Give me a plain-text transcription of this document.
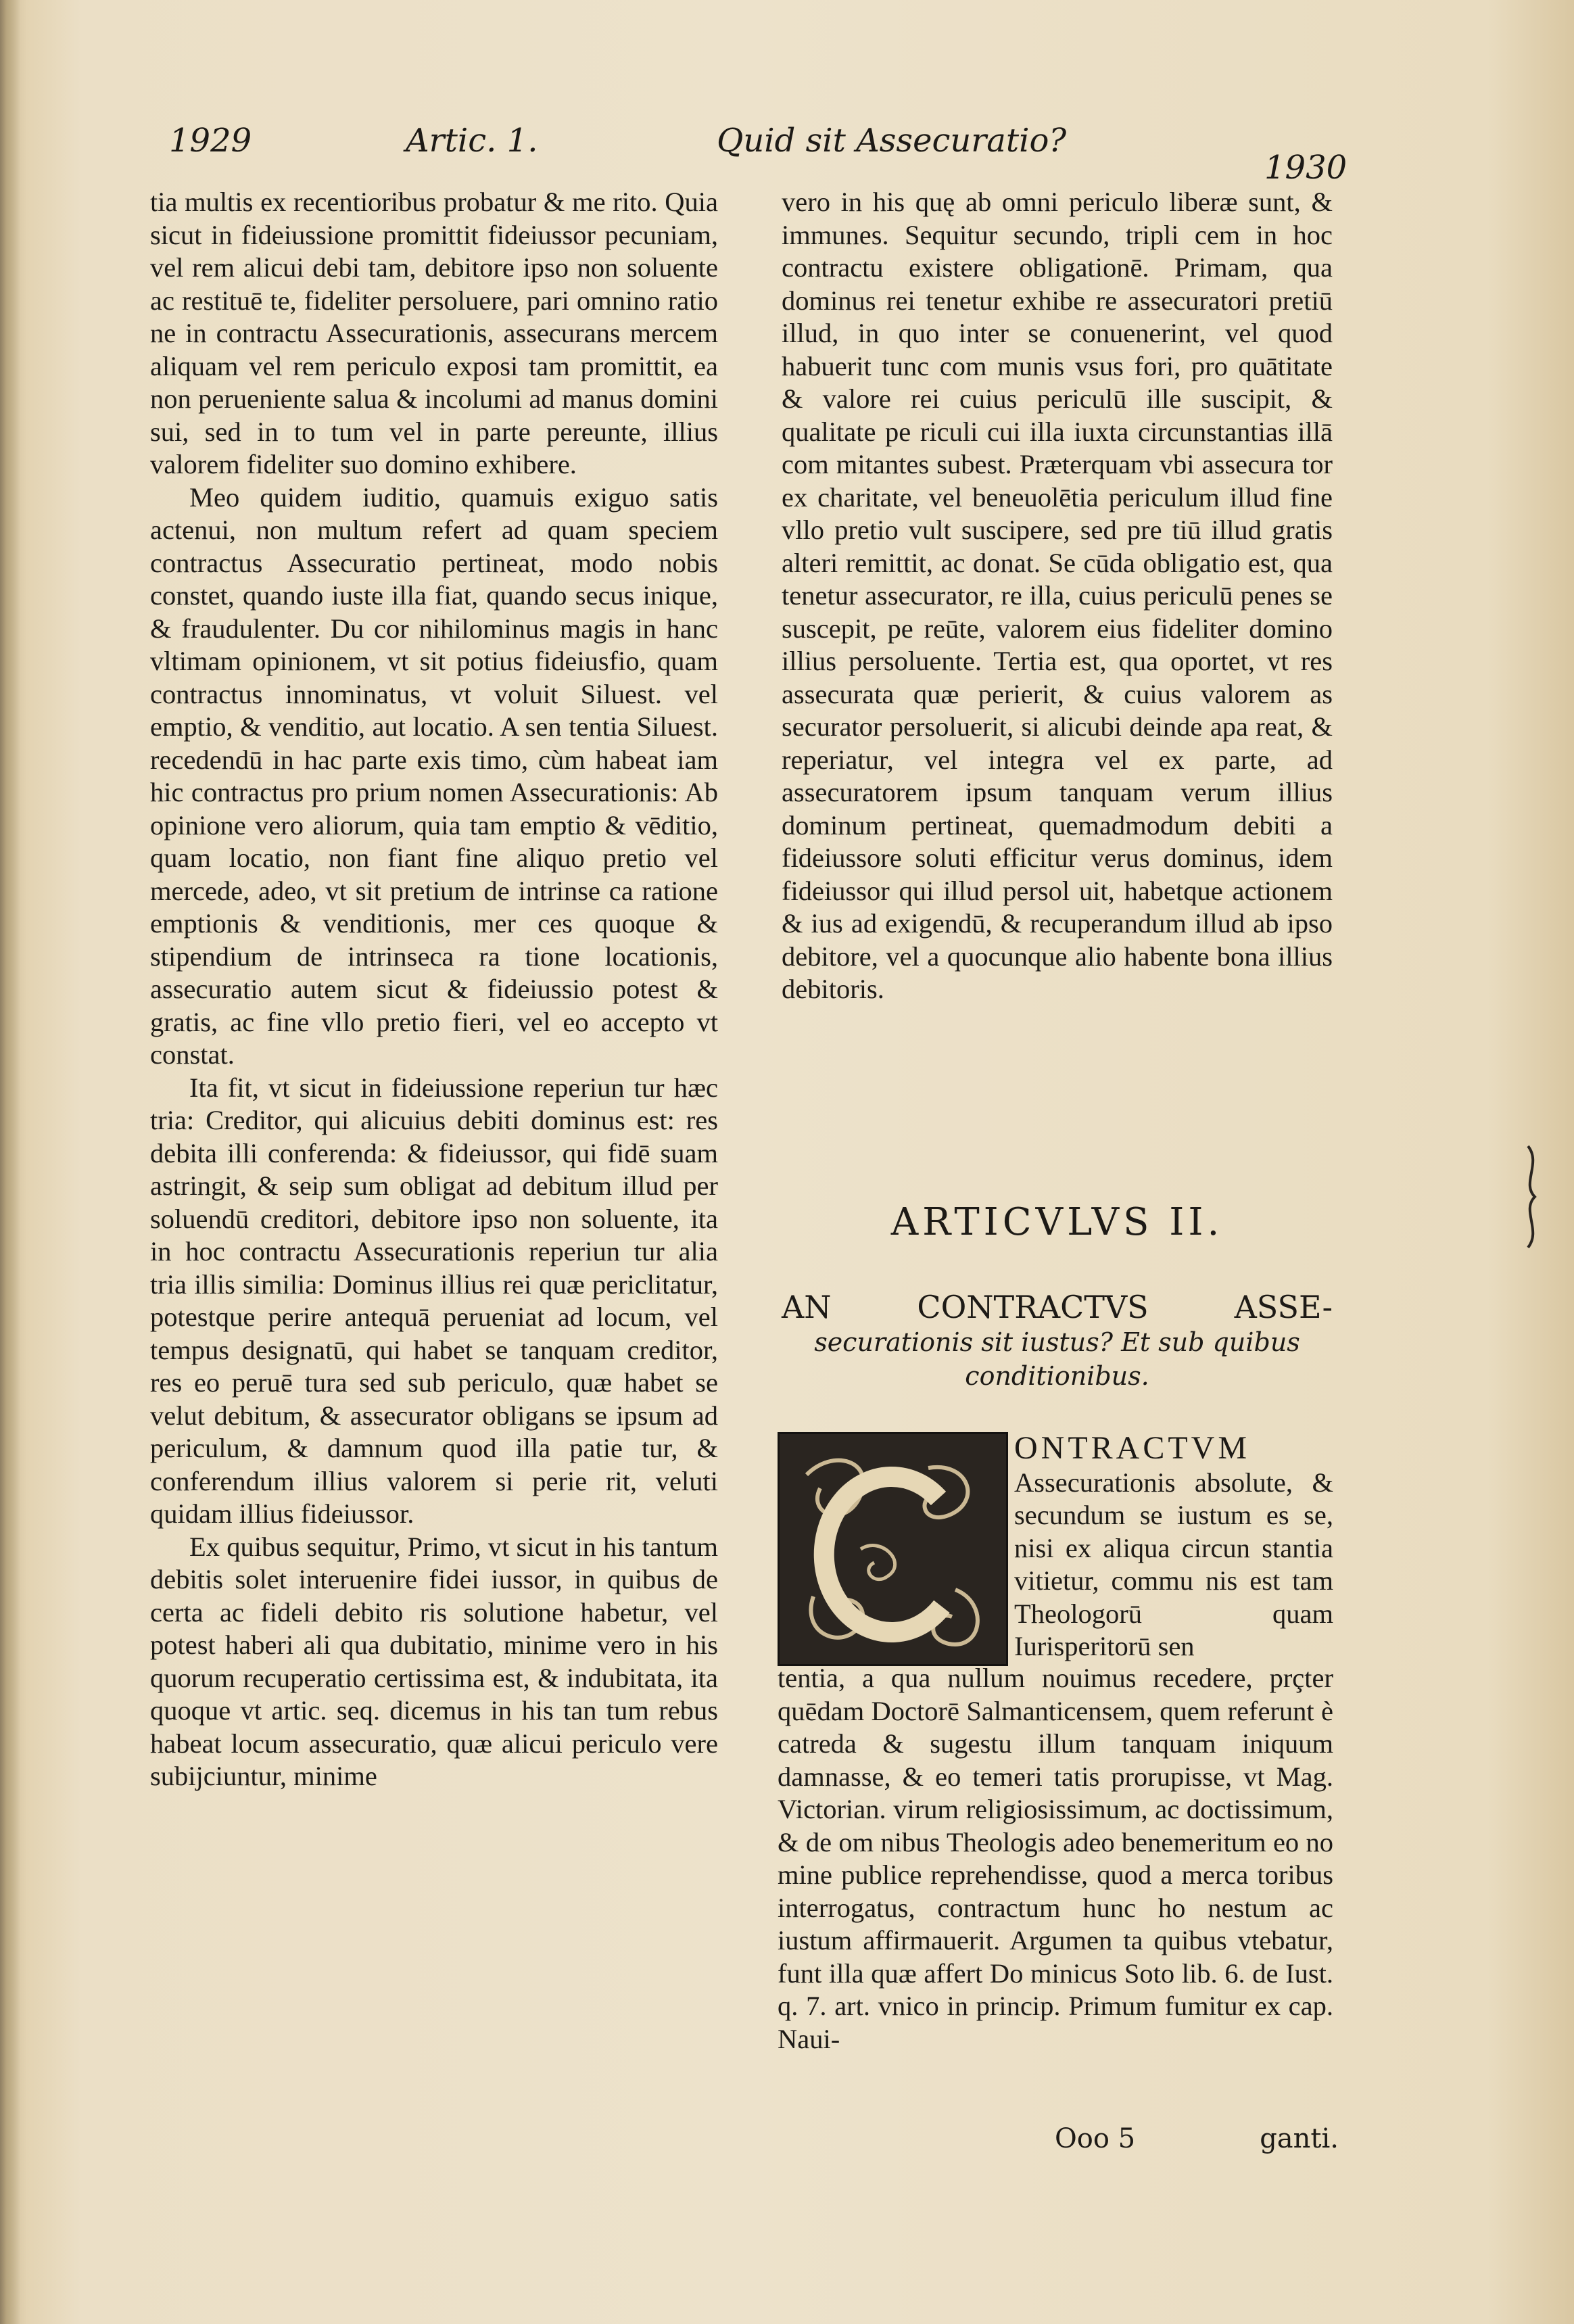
1929	Artic. 1.	Quid sit Assecuratio?
1930

tia multis ex recentioribus probatur & me rito. Quia sicut in fideiussione promittit fideiussor pecuniam, vel rem alicui debi tam, debitore ipso non soluente ac restituē te, fideliter persoluere, pari omnino ratio ne in contractu Assecurationis, assecurans mercem aliquam vel rem periculo exposi tam promittit, ea non perueniente salua & incolumi ad manus domini sui, sed in to tum vel in parte pereunte, illius valorem fideliter suo domino exhibere.

Meo quidem iuditio, quamuis exiguo satis actenui, non multum refert ad quam speciem contractus Assecuratio pertineat, modo nobis constet, quando iuste illa fiat, quando secus inique, & fraudulenter. Du cor nihilominus magis in hanc vltimam opinionem, vt sit potius fideiusfio, quam contractus innominatus, vt voluit Siluest. vel emptio, & venditio, aut locatio. A sen tentia Siluest. recedendū in hac parte exis timo, cùm habeat iam hic contractus pro prium nomen Assecurationis: Ab opinione vero aliorum, quia tam emptio & vēditio, quam locatio, non fiant fine aliquo pretio vel mercede, adeo, vt sit pretium de intrinse ca ratione emptionis & venditionis, mer ces quoque & stipendium de intrinseca ra tione locationis, assecuratio autem sicut & fideiussio potest & gratis, ac fine vllo pretio fieri, vel eo accepto vt constat.

Ita fit, vt sicut in fideiussione reperiun tur hæc tria: Creditor, qui alicuius debiti dominus est: res debita illi conferenda: & fideiussor, qui fidē suam astringit, & seip sum obligat ad debitum illud per soluendū creditori, debitore ipso non soluente, ita in hoc contractu Assecurationis reperiun tur alia tria illis similia: Dominus illius rei quæ periclitatur, potestque perire antequā perueniat ad locum, vel tempus designatū, qui habet se tanquam creditor, res eo peruē tura sed sub periculo, quæ habet se velut debitum, & assecurator obligans se ipsum ad periculum, & damnum quod illa patie tur, & conferendum illius valorem si perie rit, veluti quidam illius fideiussor.

Ex quibus sequitur, Primo, vt sicut in his tantum debitis solet interuenire fidei iussor, in quibus de certa ac fideli debito ris solutione habetur, vel potest haberi ali qua dubitatio, minime vero in his quorum recuperatio certissima est, & indubitata, ita quoque vt artic. seq. dicemus in his tan tum rebus habeat locum assecuratio, quæ alicui periculo vere subijciuntur, minime

vero in his quę ab omni periculo liberæ sunt, & immunes. Sequitur secundo, tripli cem in hoc contractu existere obligationē. Primam, qua dominus rei tenetur exhibe re assecuratori pretiū illud, in quo inter se conuenerint, vel quod habuerit tunc com munis vsus fori, pro quātitate & valore rei cuius periculū ille suscipit, & qualitate pe riculi cui illa iuxta circunstantias illā com mitantes subest. Præterquam vbi assecura tor ex charitate, vel beneuolētia periculum illud fine vllo pretio vult suscipere, sed pre tiū illud gratis alteri remittit, ac donat. Se cūda obligatio est, qua tenetur assecurator, re illa, cuius periculū penes se suscepit, pe reūte, valorem eius fideliter domino illius persoluente. Tertia est, qua oportet, vt res assecurata quæ perierit, & cuius valorem as securator persoluerit, si alicubi deinde apa reat, & reperiatur, vel integra vel ex parte, ad assecuratorem ipsum tanquam verum illius dominum pertineat, quemadmodum debiti a fideiussore soluti efficitur verus dominus, idem fideiussor qui illud persol uit, habetque actionem & ius ad exigendū, & recuperandum illud ab ipso debitore, vel a quocunque alio habente bona illius debitoris.

ARTICVLVS II.
AN CONTRACTVS ASSE-
securationis sit iustus? Et sub quibus conditionibus.
ONTRACTVM Assecurationis absolute, & secundum se iustum es se, nisi ex aliqua circun stantia vitietur, commu nis est tam Theologorū quam Iurisperitorū sen
tentia, a qua nullum nouimus recedere, prçter quēdam Doctorē Salmanticensem, quem referunt è catreda & sugestu illum tanquam iniquum damnasse, & eo temeri tatis prorupisse, vt Mag. Victorian. virum religiosissimum, ac doctissimum, & de om nibus Theologis adeo benemeritum eo no mine publice reprehendisse, quod a merca toribus interrogatus, contractum hunc ho nestum ac iustum affirmauerit. Argumen ta quibus vtebatur, funt illa quæ affert Do minicus Soto lib. 6. de Iust. q. 7. art. vnico in princip. Primum fumitur ex cap. Naui-
Ooo 5	ganti.
